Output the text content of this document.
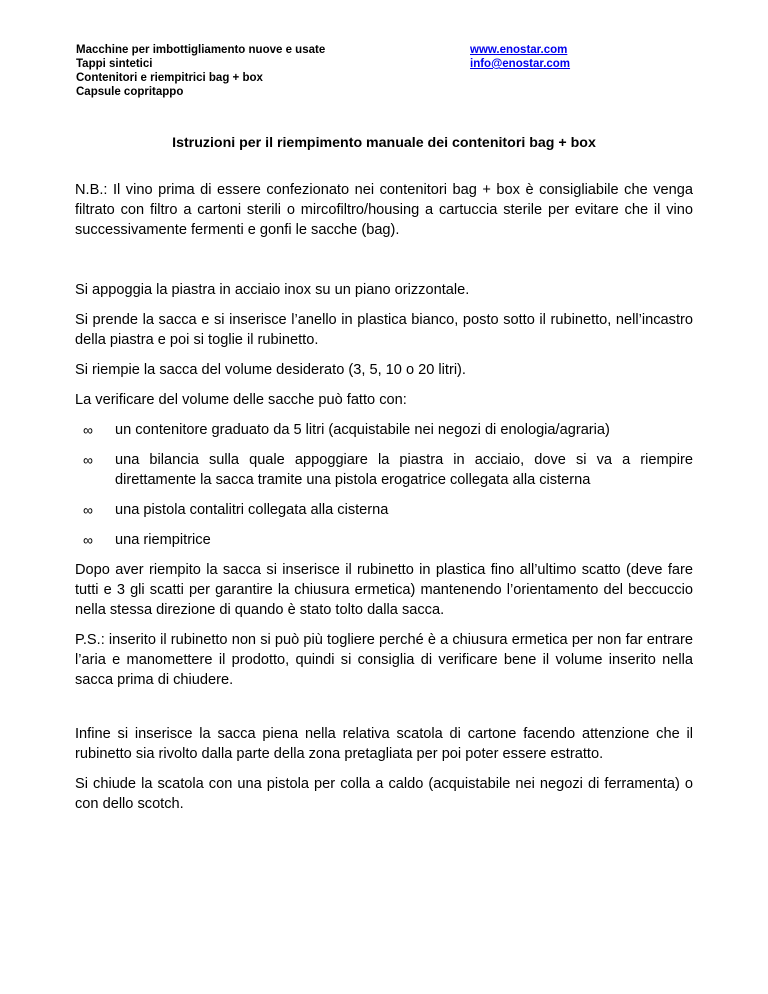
Macchine per imbottigliamento nuove e usate
Tappi sintetici
Contenitori e riempitrici bag + box
Capsule copritappo
www.enostar.com
info@enostar.com
Istruzioni per il riempimento manuale dei contenitori bag + box

N.B.: Il vino prima di essere confezionato nei contenitori bag + box è consigliabile che venga filtrato con filtro a cartoni sterili o mircofiltro/housing a cartuccia sterile per evitare che il vino successivamente fermenti e gonfi le sacche (bag).

Si appoggia la piastra in acciaio inox su un piano orizzontale.

Si prende la sacca e si inserisce l’anello in plastica bianco, posto sotto il rubinetto, nell’incastro della piastra e poi si toglie il rubinetto.

Si riempie la sacca del volume desiderato (3, 5, 10 o 20 litri).

La verificare del volume delle sacche può fatto con:

∞ un contenitore graduato da 5 litri (acquistabile nei negozi di enologia/agraria)
∞ una bilancia sulla quale appoggiare la piastra in acciaio, dove si va a riempire direttamente la sacca tramite una pistola erogatrice collegata alla cisterna
∞ una pistola contalitri collegata alla cisterna
∞ una riempitrice

Dopo aver riempito la sacca si inserisce il rubinetto in plastica fino all’ultimo scatto (deve fare tutti e 3 gli scatti per garantire la chiusura ermetica) mantenendo l’orientamento del beccuccio nella stessa direzione di quando è stato tolto dalla sacca.

P.S.: inserito il rubinetto non si può più togliere perché è a chiusura ermetica per non far entrare l’aria e manomettere il prodotto, quindi si consiglia di verificare bene il volume inserito nella sacca prima di chiudere.

Infine si inserisce la sacca piena nella relativa scatola di cartone facendo attenzione che il rubinetto sia rivolto dalla parte della zona pretagliata per poi poter essere estratto.

Si chiude la scatola con una pistola per colla a caldo (acquistabile nei negozi di ferramenta) o con dello scotch.
